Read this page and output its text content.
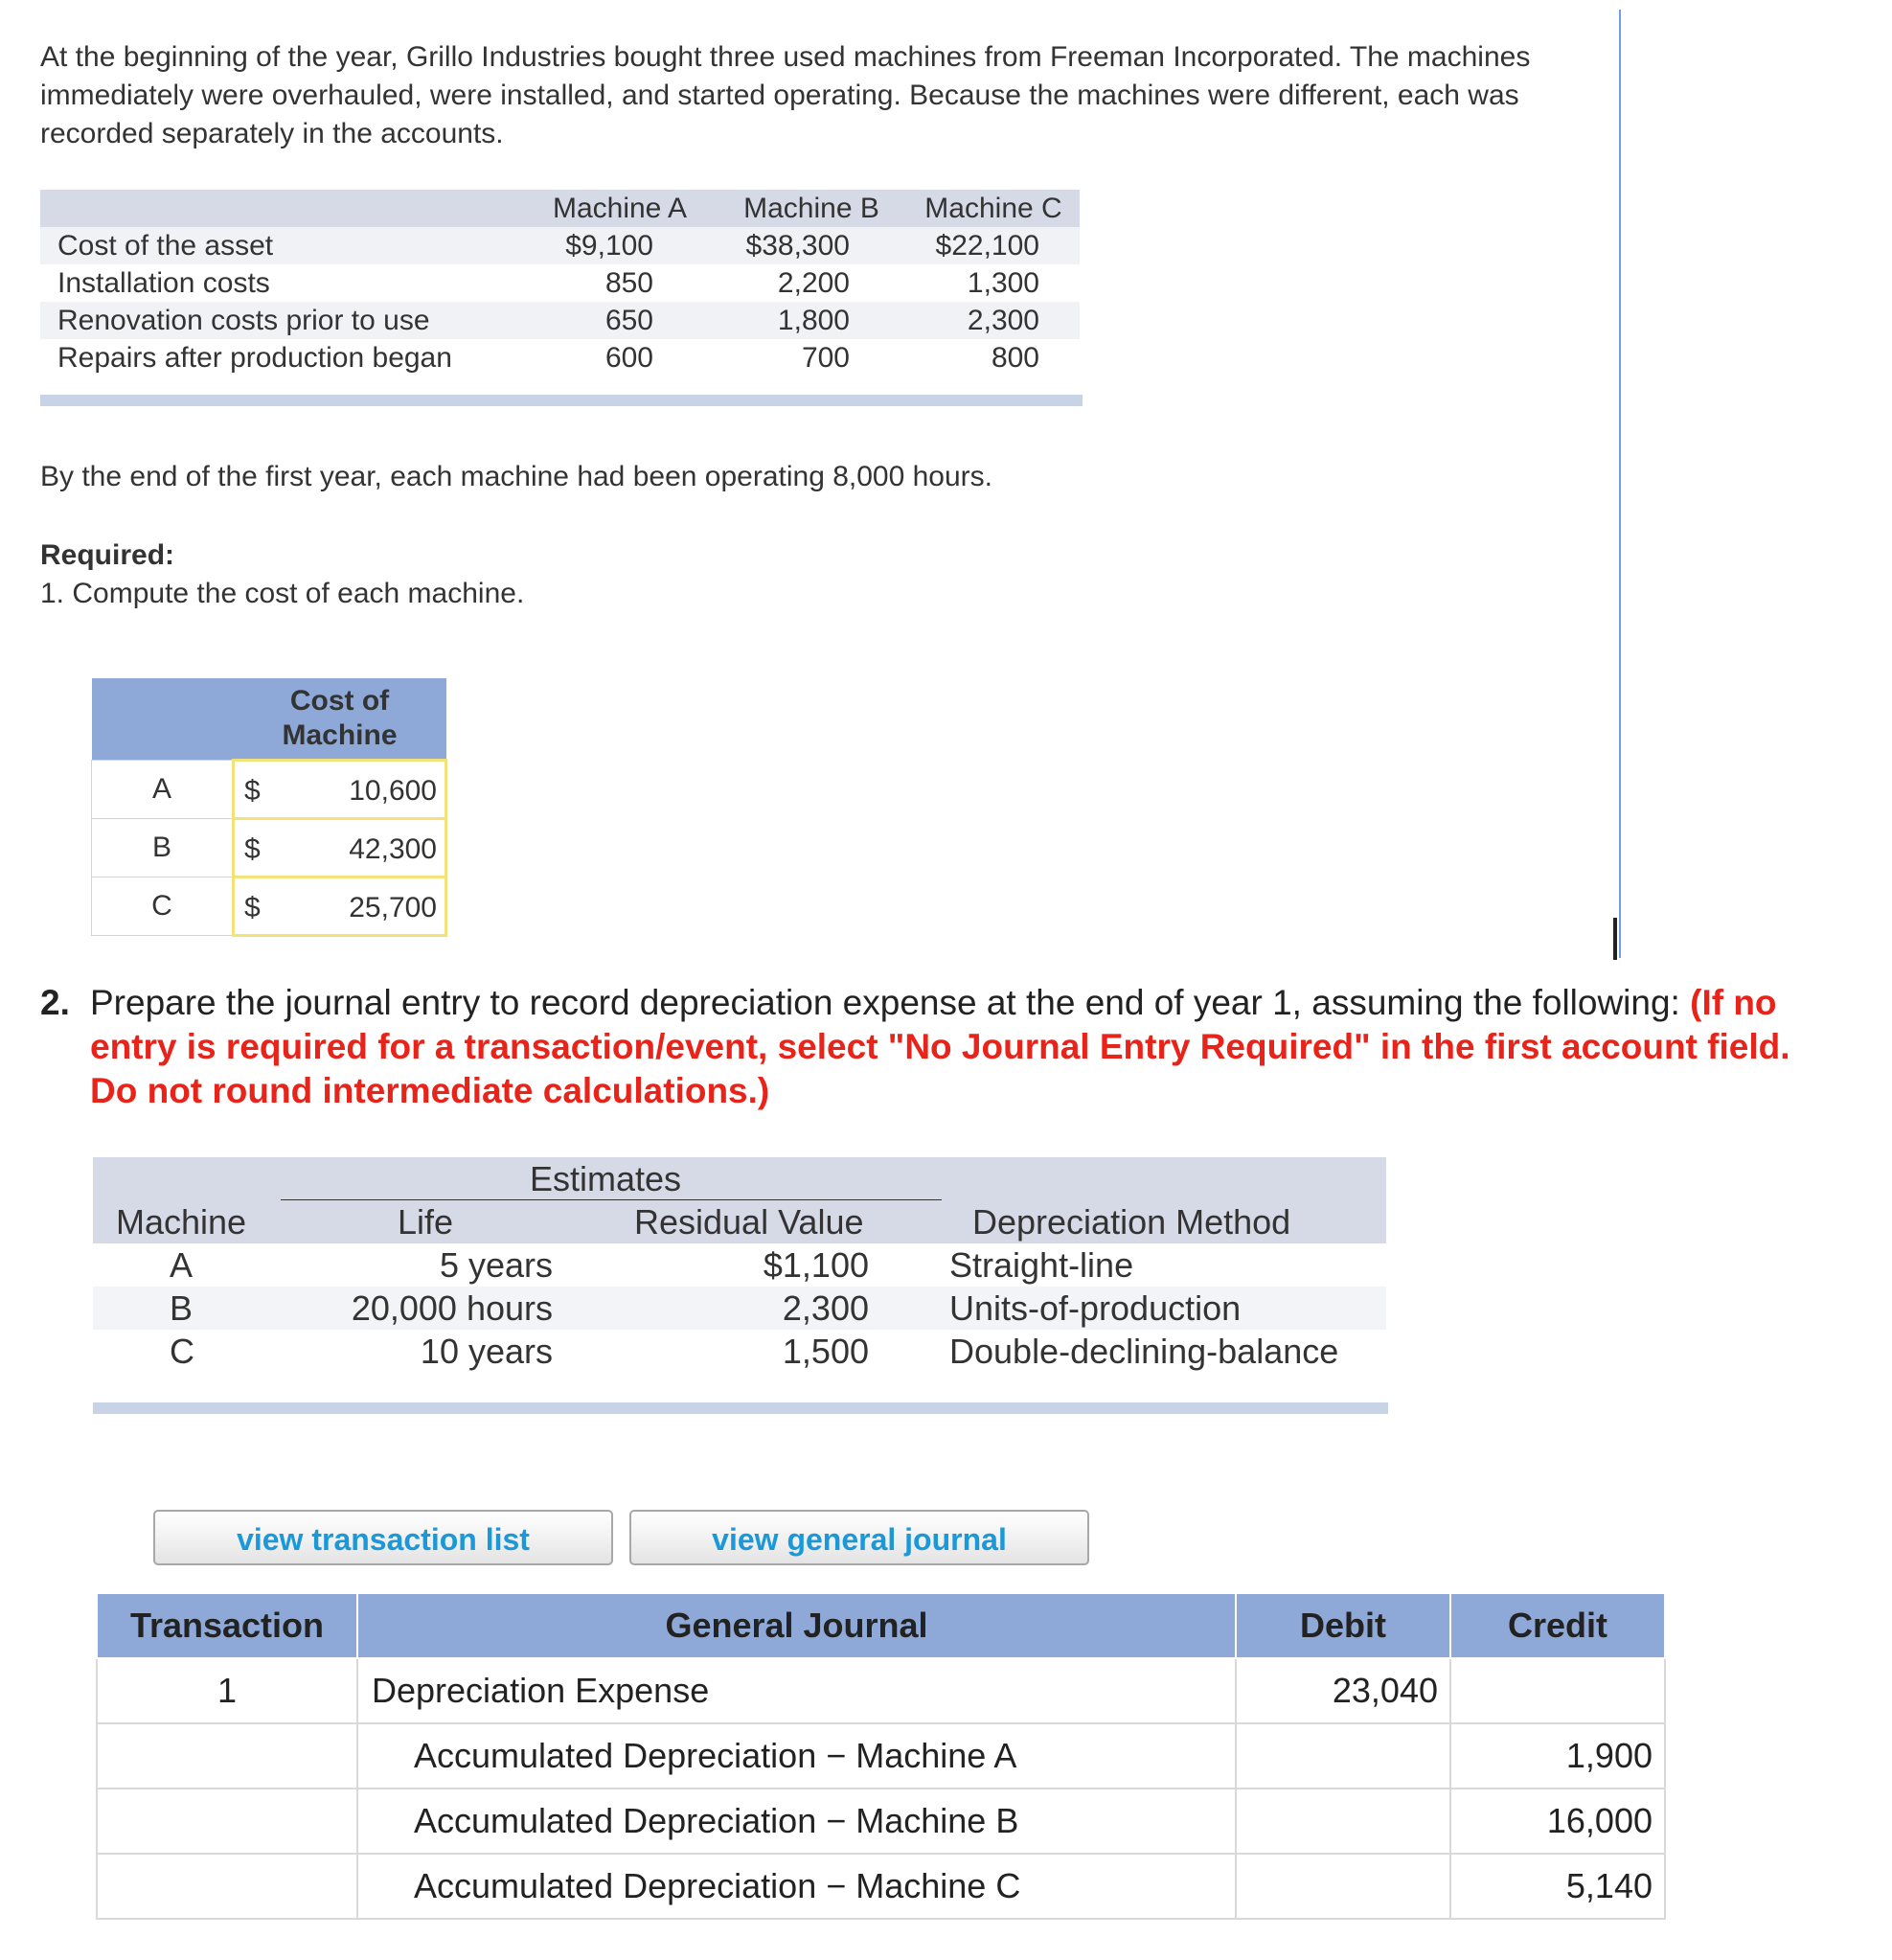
At the beginning of the year, Grillo Industries bought three used machines from Freeman Incorporated. The machines immediately were overhauled, were installed, and started operating. Because the machines were different, each was recorded separately in the accounts.
Machine A	Machine B	Machine C
Cost of the asset	$9,100	$38,300	$22,100
Installation costs	850	2,200	1,300
Renovation costs prior to use	650	1,800	2,300
Repairs after production began	600	700	800
By the end of the first year, each machine had been operating 8,000 hours.
Required:
1. Compute the cost of each machine.
	Cost of Machine
A	$ 10,600

B	$ 42,300

C	$ 25,700
2. Prepare the journal entry to record depreciation expense at the end of year 1, assuming the following: (If no entry is required for a transaction/event, select "No Journal Entry Required" in the first account field. Do not round intermediate calculations.)
Estimates
Machine	Life	Residual Value	Depreciation Method
A	5 years	$1,100 Straight-line
B	20,000 hours	2,300 Units-of-production
C	10 years	1,500 Double-declining-balance
view transaction list	view general journal
Transaction	General Journal	Debit	Credit
1	Depreciation Expense	23,040	
	Accumulated Depreciation − Machine A		1,900
	Accumulated Depreciation − Machine B		16,000
	Accumulated Depreciation − Machine C		5,140
